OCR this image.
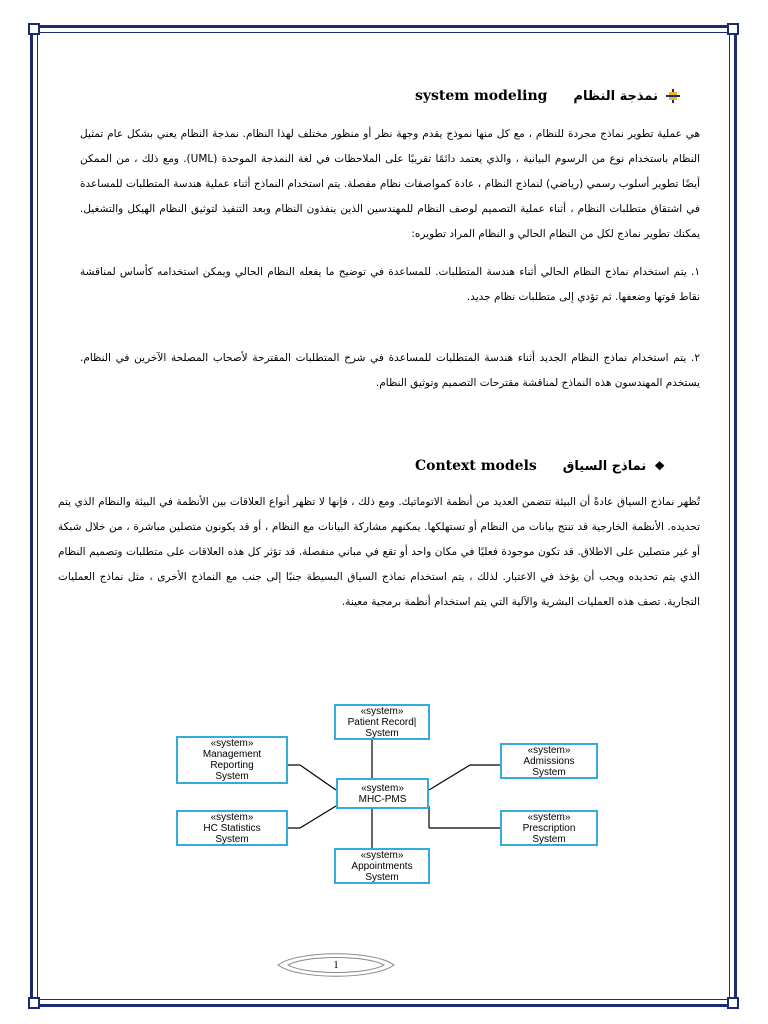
system modeling نمذجة النظام
هي عملية تطوير نماذج مجردة للنظام ، مع كل منها نموذج يقدم وجهة نظر أو منظور مختلف لهذا النظام. نمذجة النظام يعني بشكل عام تمثيل النظام باستخدام نوع من الرسوم البيانية ، والذي يعتمد دائمًا تقريبًا على الملاحظات في لغة النمذجة الموحدة (UML). ومع ذلك ، من الممكن أيضًا تطوير أسلوب رسمي (رياضي) لنماذج النظام ، عادة كمواصفات نظام مفصلة. يتم استخدام النماذج أثناء عملية هندسة المتطلبات للمساعدة في اشتقاق متطلبات النظام ، أثناء عملية التصميم لوصف النظام للمهندسين الذين ينفذون النظام وبعد التنفيذ لتوثيق النظام الهيكل والتشغيل. يمكنك تطوير نماذج لكل من النظام الحالي و النظام المراد تطويره:
١. يتم استخدام نماذج النظام الحالي أثناء هندسة المتطلبات. للمساعدة في توضيح ما يفعله النظام الحالي ويمكن استخدامه كأساس لمناقشة نقاط قوتها وضعفها. ثم تؤدي إلى متطلبات نظام جديد.
٢. يتم استخدام نماذج النظام الجديد أثناء هندسة المتطلبات للمساعدة في شرح المتطلبات المقترحة لأصحاب المصلحة الآخرين في النظام. يستخدم المهندسون هذه النماذج لمناقشة مقترحات التصميم وتوثيق النظام.
Context models نماذج السياق ❖
تُظهر نماذج السياق عادةً أن البيئة تتضمن العديد من أنظمة الاتوماتيك. ومع ذلك ، فإنها لا تظهر أنواع العلاقات بين الأنظمة في البيئة والنظام الذي يتم تحديده. الأنظمة الخارجية قد تنتج بيانات من النظام أو تستهلكها. يمكنهم مشاركة البيانات مع النظام ، أو قد يكونون متصلين مباشرة ، من خلال شبكة أو غير متصلين على الاطلاق. قد تكون موجودة فعليًا في مكان واحد أو تقع في مباني منفصلة. قد تؤثر كل هذه العلاقات على متطلبات وتصميم النظام الذي يتم تحديده ويجب أن يؤخذ في الاعتبار. لذلك ، يتم استخدام نماذج السياق البسيطة جنبًا إلى جنب مع النماذج الأخرى ، مثل نماذج العمليات التجارية. تصف هذه العمليات البشرية والآلية التي يتم استخدام أنظمة برمجية معينة.
«system»
Patient Record|
System
«system»
Management
Reporting
System
«system»
Admissions
System
«system»
MHC-PMS
«system»
HC Statistics
System
«system»
Prescription
System
«system»
Appointments
System
1
